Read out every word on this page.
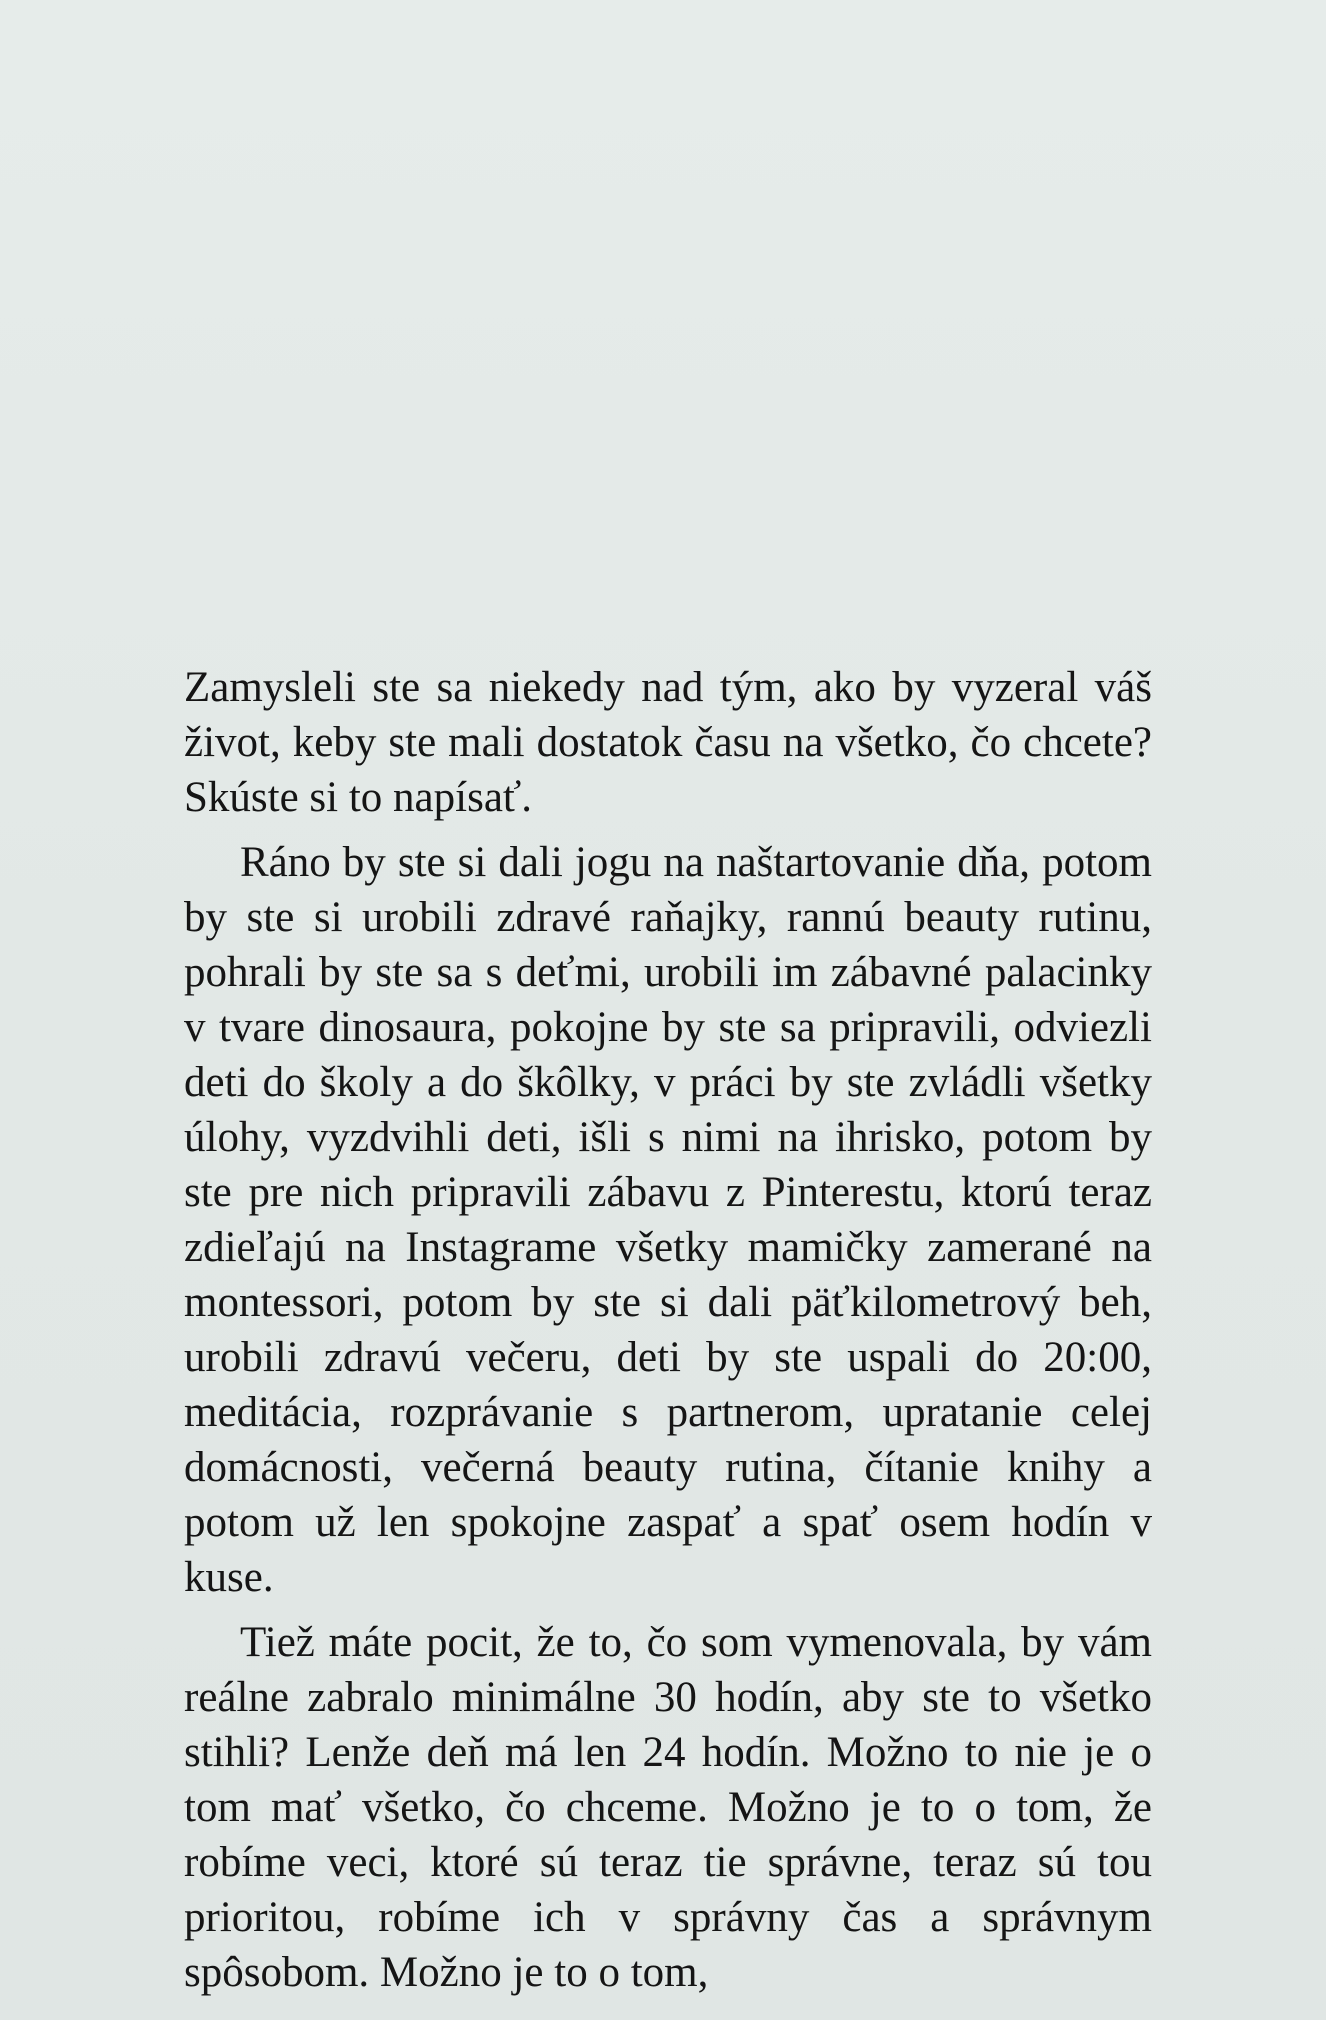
Zamysleli ste sa niekedy nad tým, ako by vyzeral váš život, keby ste mali dostatok času na všetko, čo chcete? Skúste si to napísať.

Ráno by ste si dali jogu na naštartovanie dňa, potom by ste si urobili zdravé raňajky, rannú beauty rutinu, pohrali by ste sa s deťmi, urobili im zábavné palacinky v tvare dinosaura, pokojne by ste sa pripravili, odviezli deti do školy a do škôlky, v práci by ste zvládli všetky úlohy, vyzdvihli deti, išli s nimi na ihrisko, potom by ste pre nich pripravili zábavu z Pinterestu, ktorú teraz zdieľajú na Instagrame všetky mamičky zamerané na montessori, potom by ste si dali päťkilometrový beh, urobili zdravú večeru, deti by ste uspali do 20:00, meditácia, rozprávanie s partnerom, upratanie celej domácnosti, večerná beauty rutina, čítanie knihy a potom už len spokojne zaspať a spať osem hodín v kuse.

Tiež máte pocit, že to, čo som vymenovala, by vám reálne zabralo minimálne 30 hodín, aby ste to všetko stihli? Lenže deň má len 24 hodín. Možno to nie je o tom mať všetko, čo chceme. Možno je to o tom, že robíme veci, ktoré sú teraz tie správne, teraz sú tou prioritou, robíme ich v správny čas a správnym spôsobom. Možno je to o tom,
